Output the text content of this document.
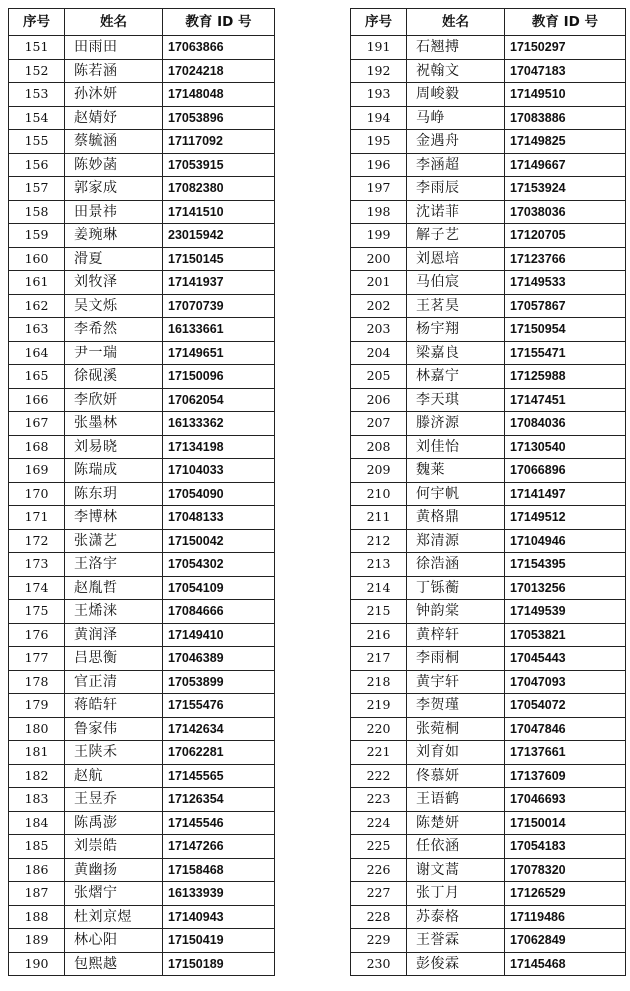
序号	姓名	教育 ID 号
151	田雨田	17063866
152	陈若涵	17024218
153	孙沐妍	17148048
154	赵婧妤	17053896
155	蔡毓涵	17117092
156	陈妙菡	17053915
157	郭家成	17082380
158	田景祎	17141510
159	姜琬琳	23015942
160	滑夏	17150145
161	刘牧泽	17141937
162	吴文烁	17070739
163	李希然	16133661
164	尹一瑞	17149651
165	徐砚溪	17150096
166	李欣妍	17062054
167	张墨林	16133362
168	刘易晓	17134198
169	陈瑞成	17104033
170	陈东玥	17054090
171	李博林	17048133
172	张潇艺	17150042
173	王洛宇	17054302
174	赵胤哲	17054109
175	王烯涞	17084666
176	黄润泽	17149410
177	吕思衡	17046389
178	官正清	17053899
179	蒋皓轩	17155476
180	鲁家伟	17142634
181	王陕禾	17062281
182	赵航	17145565
183	王昱乔	17126354
184	陈禹澎	17145546
185	刘崇皓	17147266
186	黄幽扬	17158468
187	张熠宁	16133939
188	杜刘京煜	17140943
189	林心阳	17150419
190	包熙越	17150189
序号	姓名	教育 ID 号
191	石翘搏	17150297
192	祝翰文	17047183
193	周峻毅	17149510
194	马峥	17083886
195	金遇舟	17149825
196	李涵超	17149667
197	李雨辰	17153924
198	沈诺菲	17038036
199	解子艺	17120705
200	刘恩培	17123766
201	马伯宸	17149533
202	王茗昊	17057867
203	杨宇翔	17150954
204	梁嘉良	17155471
205	林嘉宁	17125988
206	李天琪	17147451
207	滕济源	17084036
208	刘佳怡	17130540
209	魏莱	17066896
210	何宇帆	17141497
211	黄格鼎	17149512
212	郑清源	17104946
213	徐浩涵	17154395
214	丁铄蘅	17013256
215	钟韵棠	17149539
216	黄梓轩	17053821
217	李雨桐	17045443
218	黄宇轩	17047093
219	李贺瑾	17054072
220	张菀桐	17047846
221	刘育如	17137661
222	佟慕妍	17137609
223	王语鹤	17046693
224	陈楚妍	17150014
225	任依涵	17054183
226	谢文蒿	17078320
227	张丁月	17126529
228	苏泰格	17119486
229	王誉霖	17062849
230	彭俊霖	17145468
